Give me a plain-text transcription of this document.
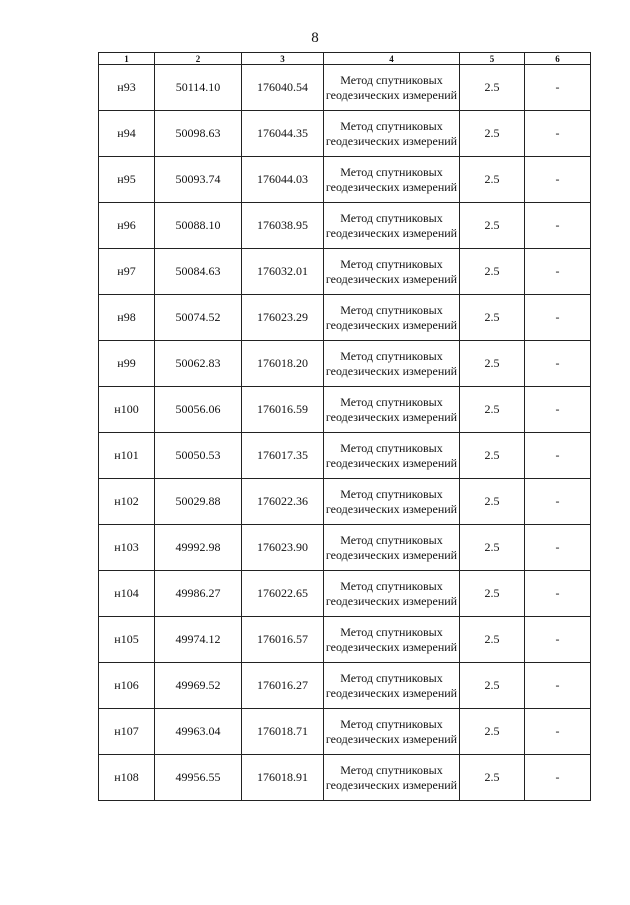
8
1	2	3	4	5	6
н93	50114.10	176040.54	Метод спутниковых геодезических измерений	2.5	-
н94	50098.63	176044.35	Метод спутниковых геодезических измерений	2.5	-
н95	50093.74	176044.03	Метод спутниковых геодезических измерений	2.5	-
н96	50088.10	176038.95	Метод спутниковых геодезических измерений	2.5	-
н97	50084.63	176032.01	Метод спутниковых геодезических измерений	2.5	-
н98	50074.52	176023.29	Метод спутниковых геодезических измерений	2.5	-
н99	50062.83	176018.20	Метод спутниковых геодезических измерений	2.5	-
н100	50056.06	176016.59	Метод спутниковых геодезических измерений	2.5	-
н101	50050.53	176017.35	Метод спутниковых геодезических измерений	2.5	-
н102	50029.88	176022.36	Метод спутниковых геодезических измерений	2.5	-
н103	49992.98	176023.90	Метод спутниковых геодезических измерений	2.5	-
н104	49986.27	176022.65	Метод спутниковых геодезических измерений	2.5	-
н105	49974.12	176016.57	Метод спутниковых геодезических измерений	2.5	-
н106	49969.52	176016.27	Метод спутниковых геодезических измерений	2.5	-
н107	49963.04	176018.71	Метод спутниковых геодезических измерений	2.5	-
н108	49956.55	176018.91	Метод спутниковых геодезических измерений	2.5	-
